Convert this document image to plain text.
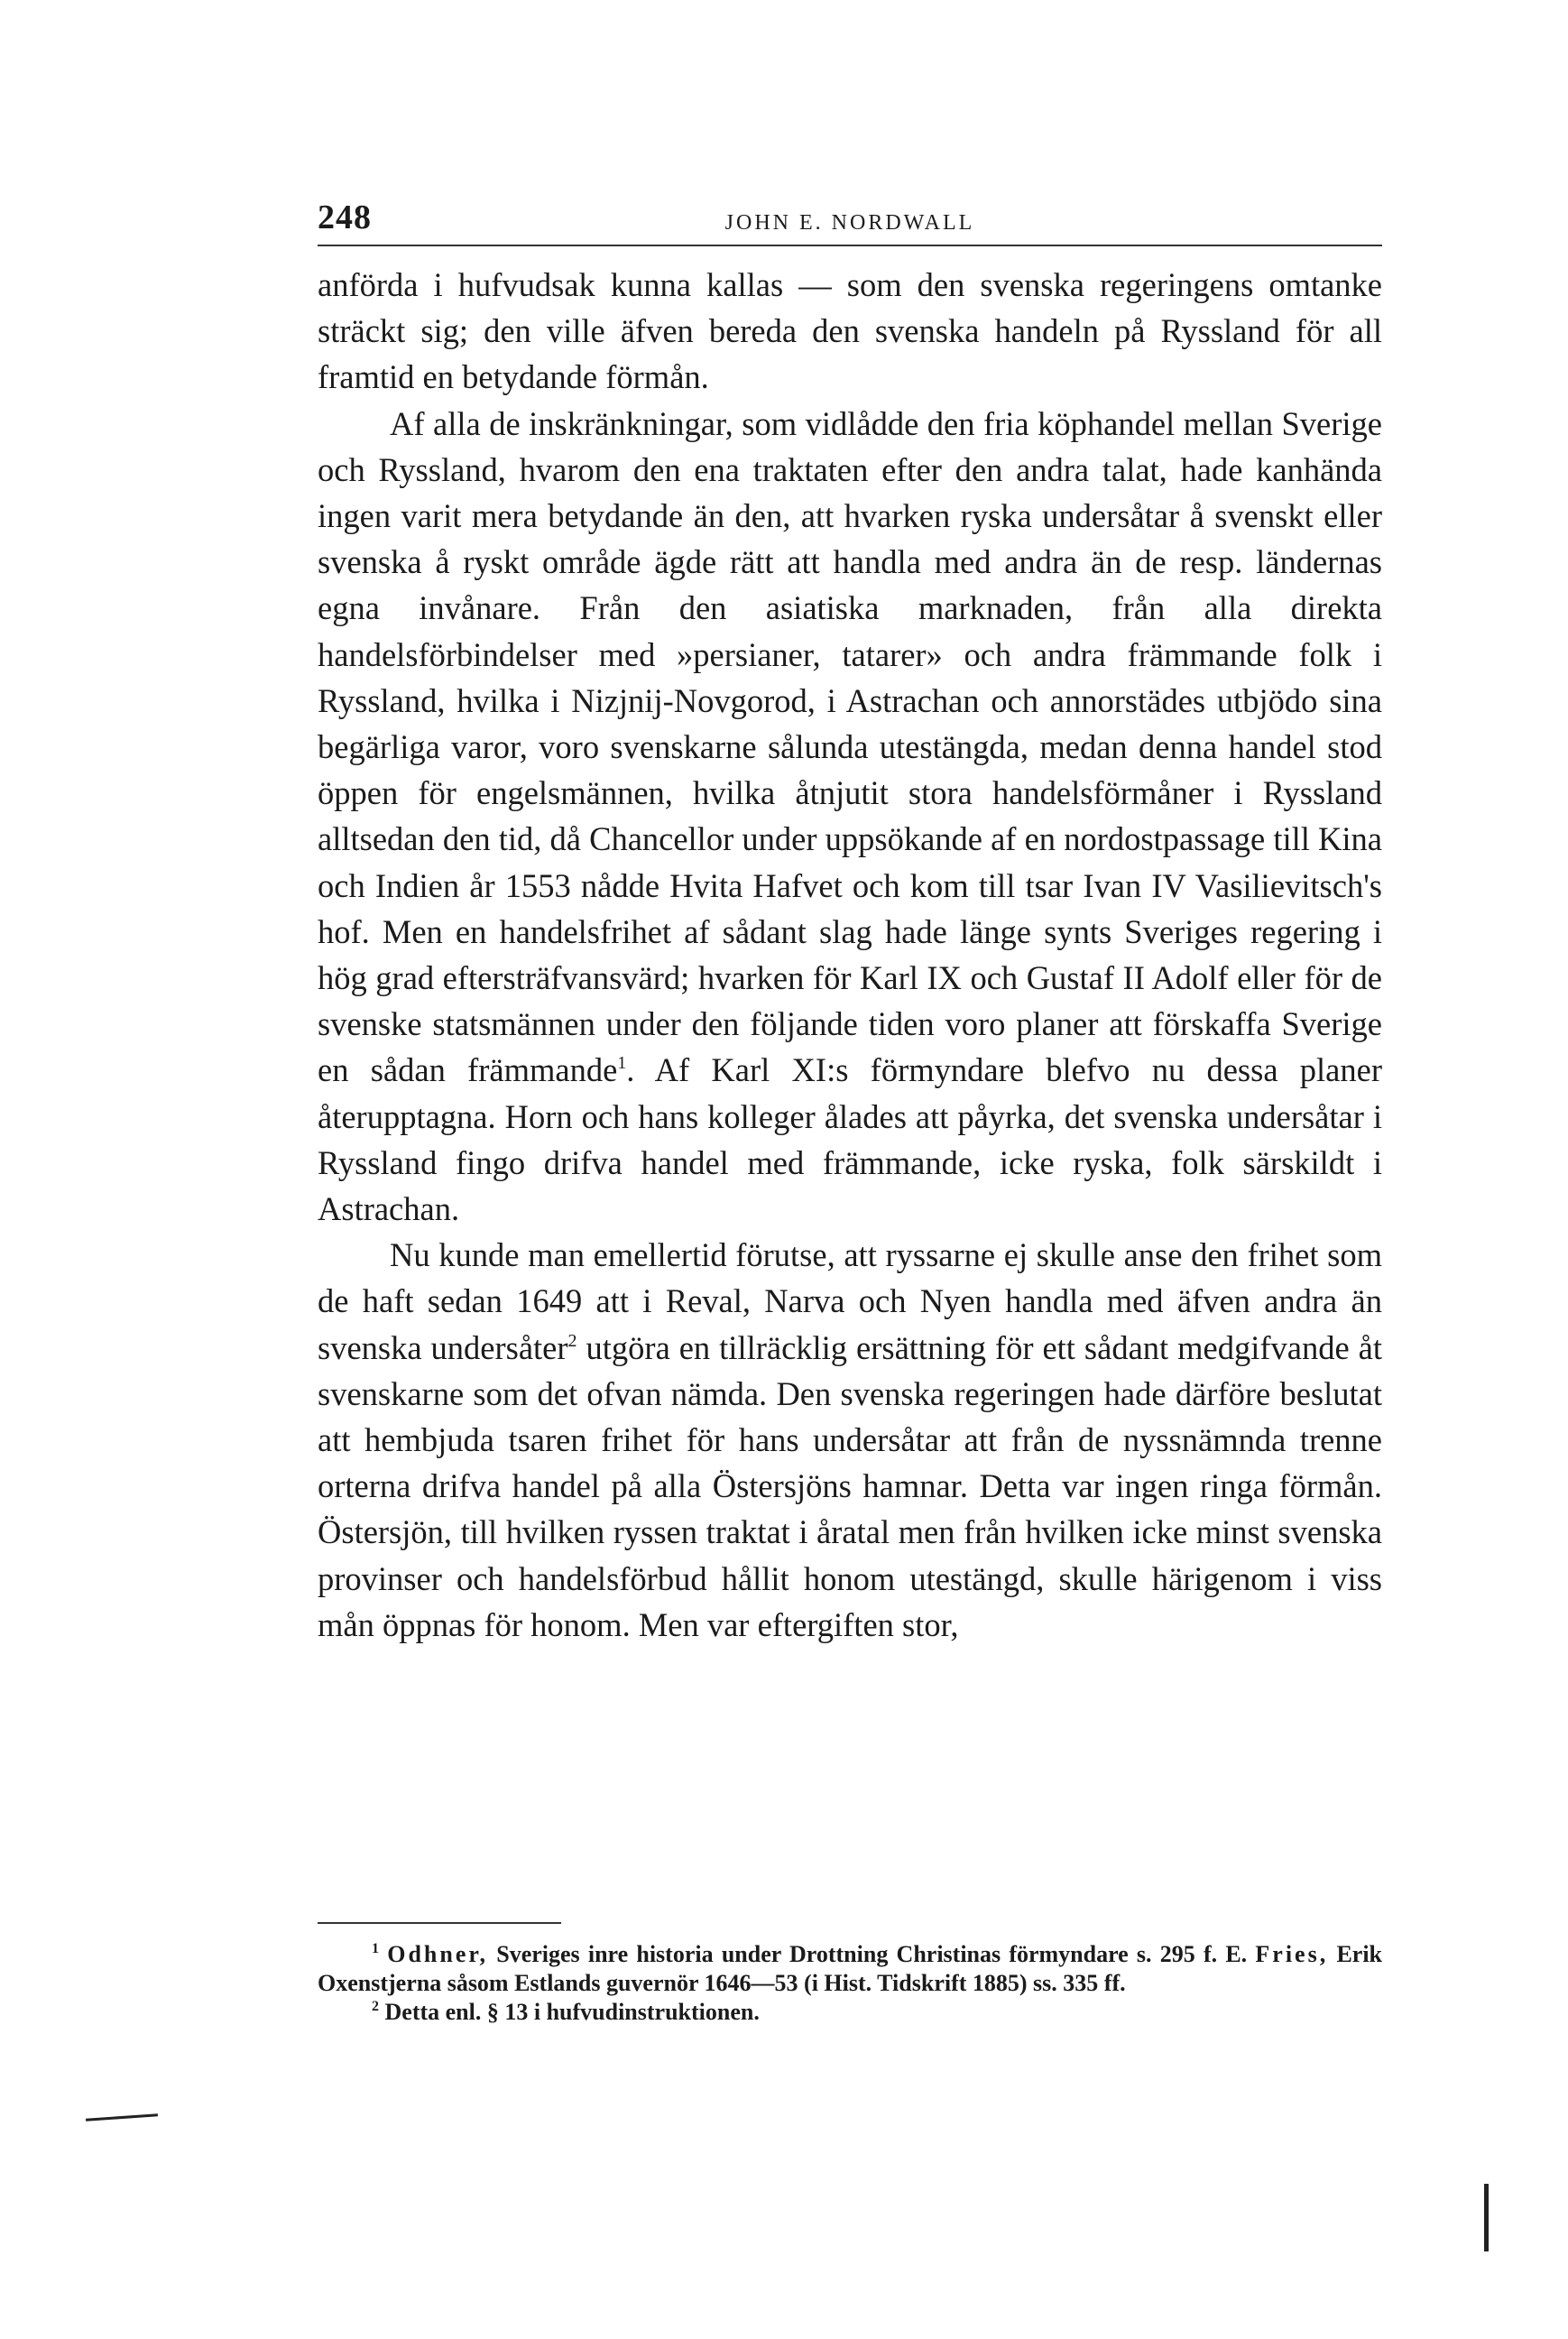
248	JOHN E. NORDWALL

anförda i hufvudsak kunna kallas — som den svenska regeringens omtanke sträckt sig; den ville äfven bereda den svenska handeln på Ryssland för all framtid en betydande förmån.

Af alla de inskränkningar, som vidlådde den fria köphandel mellan Sverige och Ryssland, hvarom den ena traktaten efter den andra talat, hade kanhända ingen varit mera betydande än den, att hvarken ryska undersåtar å svenskt eller svenska å ryskt område ägde rätt att handla med andra än de resp. ländernas egna invånare. Från den asiatiska marknaden, från alla direkta handelsförbindelser med »persianer, tatarer» och andra främmande folk i Ryssland, hvilka i Nizjnij-Novgorod, i Astrachan och annorstädes utbjödo sina begärliga varor, voro svenskarne sålunda utestängda, medan denna handel stod öppen för engelsmännen, hvilka åtnjutit stora handelsförmåner i Ryssland alltsedan den tid, då Chancellor under uppsökande af en nordostpassage till Kina och Indien år 1553 nådde Hvita Hafvet och kom till tsar Ivan IV Vasilievitsch's hof. Men en handelsfrihet af sådant slag hade länge synts Sveriges regering i hög grad eftersträfvansvärd; hvarken för Karl IX och Gustaf II Adolf eller för de svenske statsmännen under den följande tiden voro planer att förskaffa Sverige en sådan främmande$^1$. Af Karl XI:s förmyndare blefvo nu dessa planer återupptagna. Horn och hans kolleger ålades att påyrka, det svenska undersåtar i Ryssland fingo drifva handel med främmande, icke ryska, folk särskildt i Astrachan.

Nu kunde man emellertid förutse, att ryssarne ej skulle anse den frihet som de haft sedan 1649 att i Reval, Narva och Nyen handla med äfven andra än svenska undersåter$^2$ utgöra en tillräcklig ersättning för ett sådant medgifvande åt svenskarne som det ofvan nämda. Den svenska regeringen hade därföre beslutat att hembjuda tsaren frihet för hans undersåtar att från de nyssnämnda trenne orterna drifva handel på alla Östersjöns hamnar. Detta var ingen ringa förmån. Östersjön, till hvilken ryssen traktat i åratal men från hvilken icke minst svenska provinser och handelsförbud hållit honom utestängd, skulle härigenom i viss mån öppnas för honom. Men var eftergiften stor,

$^1$ Odhner, Sveriges inre historia under Drottning Christinas förmyndare s. 295 f. E. Fries, Erik Oxenstjerna såsom Estlands guvernör 1646—53 (i Hist. Tidskrift 1885) ss. 335 ff.

$^2$ Detta enl. § 13 i hufvudinstruktionen.
